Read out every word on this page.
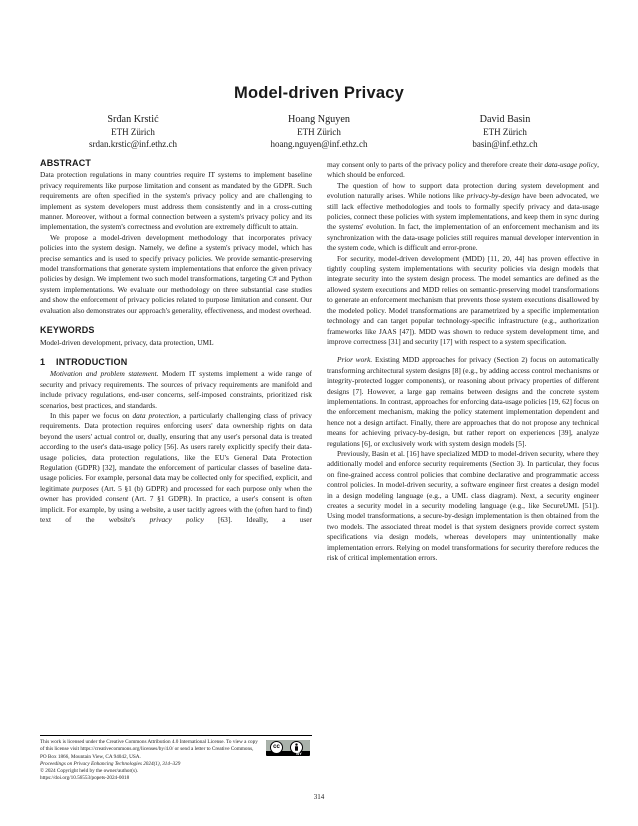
Model-driven Privacy
Srđan Krstić
ETH Zürich
srdan.krstic@inf.ethz.ch
Hoang Nguyen
ETH Zürich
hoang.nguyen@inf.ethz.ch
David Basin
ETH Zürich
basin@inf.ethz.ch
ABSTRACT

Data protection regulations in many countries require IT systems to implement baseline privacy requirements like purpose limitation and consent as mandated by the GDPR. Such requirements are often specified in the system's privacy policy and are challenging to implement as system developers must address them consistently and in a cross-cutting manner. Moreover, without a formal connection between a system's privacy policy and its implementation, the system's correctness and evolution are extremely difficult to attain.

We propose a model-driven development methodology that incorporates privacy policies into the system design. Namely, we define a system's privacy model, which has precise semantics and is used to specify privacy policies. We provide semantic-preserving model transformations that generate system implementations that enforce the given privacy policies by design. We implement two such model transformations, targeting C# and Python system implementations. We evaluate our methodology on three substantial case studies and show the enforcement of privacy policies related to purpose limitation and consent. Our evaluation also demonstrates our approach's generality, effectiveness, and modest overhead.

KEYWORDS

Model-driven development, privacy, data protection, UML

1 INTRODUCTION

Motivation and problem statement. Modern IT systems implement a wide range of security and privacy requirements. The sources of privacy requirements are manifold and include privacy regulations, end-user concerns, self-imposed constraints, prioritized risk scenarios, best practices, and standards.

In this paper we focus on data protection, a particularly challenging class of privacy requirements. Data protection requires enforcing users' data ownership rights on data beyond the users' actual control or, dually, ensuring that any user's personal data is treated according to the user's data-usage policy [56]. As users rarely explicitly specify their data-usage policies, data protection regulations, like the EU's General Data Protection Regulation (GDPR) [32], mandate the enforcement of particular classes of baseline data-usage policies. For example, personal data may be collected only for specified, explicit, and legitimate purposes (Art. 5 §1 (b) GDPR) and processed for each purpose only when the owner has provided consent (Art. 7 §1 GDPR). In practice, a user's consent is often implicit. For example, by using a website, a user tacitly agrees with the (often hard to find) text of the website's privacy policy [63]. Ideally, a user

may consent only to parts of the privacy policy and therefore create their data-usage policy, which should be enforced.

The question of how to support data protection during system development and evolution naturally arises. While notions like privacy-by-design have been advocated, we still lack effective methodologies and tools to formally specify privacy and data-usage policies, connect these policies with system implementations, and keep them in sync during the systems' evolution. In fact, the implementation of an enforcement mechanism and its synchronization with the data-usage policies still requires manual developer intervention in the system code, which is difficult and error-prone.

For security, model-driven development (MDD) [11, 20, 44] has proven effective in tightly coupling system implementations with security policies via design models that integrate security into the system design process. The model semantics are defined as the allowed system executions and MDD relies on semantic-preserving model transformations to generate an enforcement mechanism that prevents those system executions disallowed by the modeled policy. Model transformations are parametrized by a specific implementation technology and can target popular technology-specific infrastructure (e.g., authorization frameworks like JAAS [47]). MDD was shown to reduce system development time, and improve correctness [31] and security [17] with respect to a system specification.

Prior work. Existing MDD approaches for privacy (Section 2) focus on automatically transforming architectural system designs [8] (e.g., by adding access control mechanisms or integrity-protected logger components), or reasoning about privacy properties of different designs [7]. However, a large gap remains between designs and the concrete system implementations. In contrast, approaches for enforcing data-usage policies [19, 62] focus on the enforcement mechanism, making the policy statement implementation dependent and hence not a design artifact. Finally, there are approaches that do not propose any technical means for achieving privacy-by-design, but rather report on experiences [39], analyze regulations [6], or exclusively work with system design models [5].

Previously, Basin et al. [16] have specialized MDD to model-driven security, where they additionally model and enforce security requirements (Section 3). In particular, they focus on fine-grained access control policies that combine declarative and programmatic access control policies. In model-driven security, a software engineer first creates a design model in a design modeling language (e.g., a UML class diagram). Next, a security engineer creates a security model in a security modeling language (e.g., like SecureUML [51]). Using model transformations, a secure-by-design implementation is then obtained from the two models. The associated threat model is that system designers provide correct system specifications via design models, whereas developers may unintentionally make implementation errors. Relying on model transformations for security therefore reduces the risk of critical implementation errors.

This work is licensed under the Creative Commons Attribution 4.0 International License. To view a copy of this license visit https://creativecommons.org/licenses/by/4.0/ or send a letter to Creative Commons, PO Box 1866, Mountain View, CA 94042, USA.
Proceedings on Privacy Enhancing Technologies 2024(1), 314–329
© 2024 Copyright held by the owner/author(s).
https://doi.org/10.56553/popets-2024-0018
cc
BY
314
